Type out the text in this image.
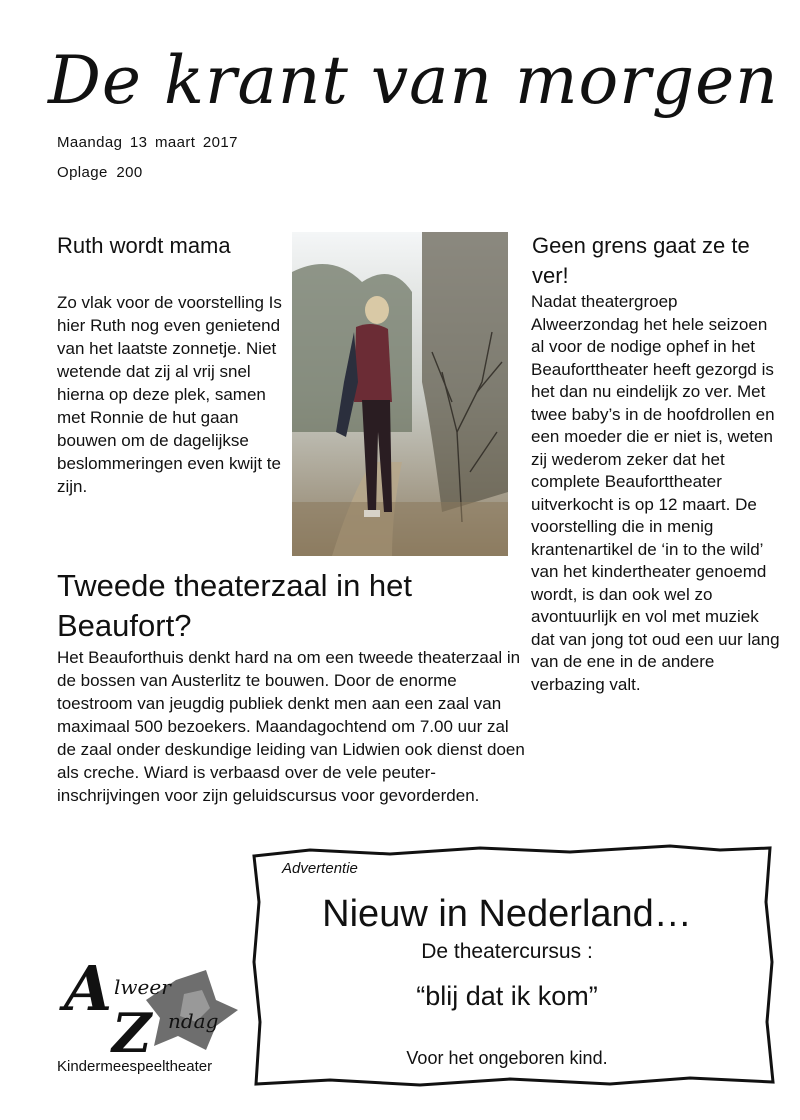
De krant van morgen
Maandag 13 maart 2017
Oplage 200
Ruth wordt mama
Zo vlak voor de voorstelling Is hier Ruth nog even genietend van het laatste zonnetje. Niet wetende dat zij al vrij snel hierna op deze plek, samen met Ronnie de hut gaan bouwen om de dagelijkse beslommeringen even kwijt te zijn.
Geen grens gaat ze te ver!
Nadat theatergroep Alweerzondag het hele seizoen al voor de nodige ophef in het Beauforttheater heeft gezorgd is het dan nu eindelijk zo ver. Met twee baby’s in de hoofdrollen en een moeder die er niet is, weten zij wederom zeker dat het complete Beauforttheater uitverkocht is op 12 maart. De voorstelling die in menig krantenartikel de ‘in to the wild’ van het kindertheater genoemd wordt, is dan ook wel zo avontuurlijk en vol met muziek dat van jong tot oud een uur lang van de ene in de andere verbazing valt.
Tweede theaterzaal in het Beaufort?
Het Beauforthuis denkt hard na om een tweede theaterzaal in de bossen van Austerlitz te bouwen. Door de enorme toestroom van jeugdig publiek denkt men aan een zaal van maximaal 500 bezoekers. Maandagochtend om 7.00 uur zal de zaal onder deskundige leiding van Lidwien ook dienst doen als creche. Wiard is verbaasd over de vele peuter-inschrijvingen voor zijn geluidscursus voor gevorderden.
Advertentie
Nieuw in Nederland…
De theatercursus :
“blij dat ik kom”
Voor het ongeboren kind.
A lweer
Z ndag
Kindermeespeeltheater
